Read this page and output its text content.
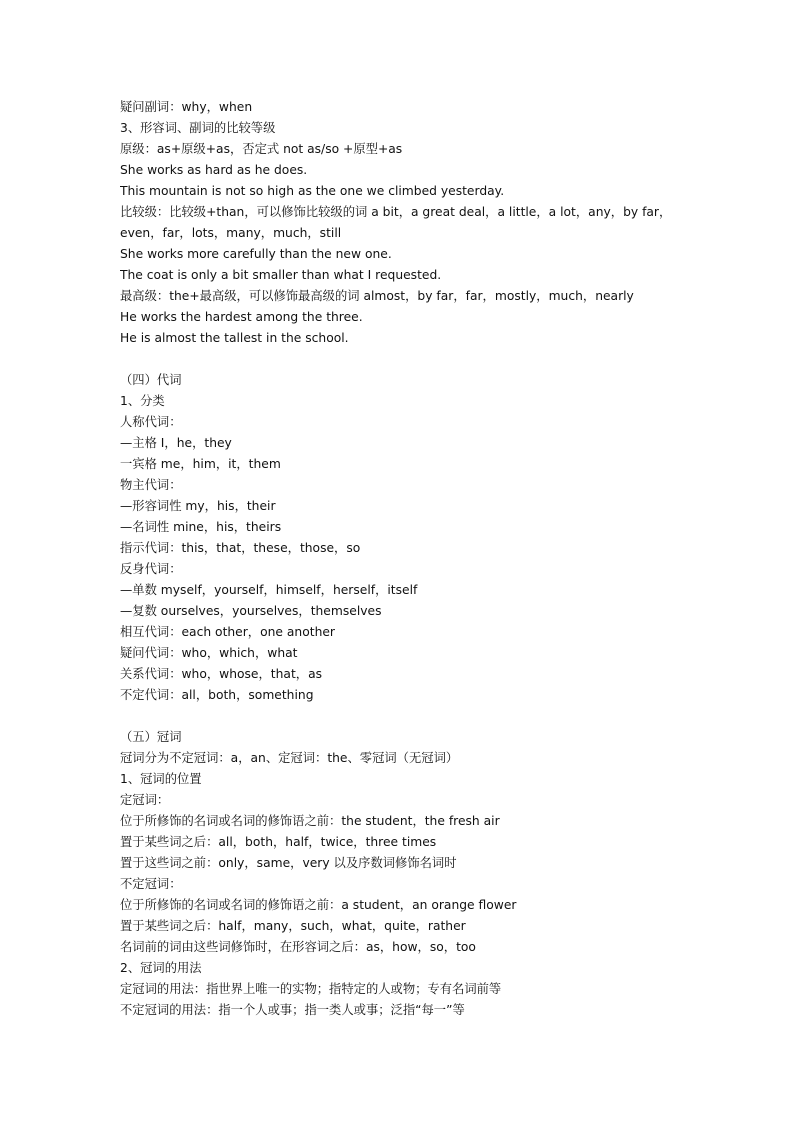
疑问副词：why，when
3、形容词、副词的比较等级
原级：as+原级+as，否定式 not as/so +原型+as
She works as hard as he does.
This mountain is not so high as the one we climbed yesterday.
比较级：比较级+than，可以修饰比较级的词 a bit，a great deal，a little，a lot，any，by far，
even，far，lots，many，much，still
She works more carefully than the new one.
The coat is only a bit smaller than what I requested.
最高级：the+最高级，可以修饰最高级的词 almost，by far，far，mostly，much，nearly
He works the hardest among the three.
He is almost the tallest in the school.
（四）代词
1、分类
人称代词：
—主格 I，he，they
一宾格 me，him，it，them
物主代词：
—形容词性 my，his，their
—名词性 mine，his，theirs
指示代词：this，that，these，those，so
反身代词：
—单数 myself，yourself，himself，herself，itself
—复数 ourselves，yourselves，themselves
相互代词：each other，one another
疑问代词：who，which，what
关系代词：who，whose，that，as
不定代词：all，both，something
（五）冠词
冠词分为不定冠词：a，an、定冠词：the、零冠词（无冠词）
1、冠词的位置
定冠词：
位于所修饰的名词或名词的修饰语之前：the student，the fresh air
置于某些词之后：all，both，half，twice，three times
置于这些词之前：only，same，very 以及序数词修饰名词时
不定冠词：
位于所修饰的名词或名词的修饰语之前：a student，an orange flower
置于某些词之后：half，many，such，what，quite，rather
名词前的词由这些词修饰时，在形容词之后：as，how，so，too
2、冠词的用法
定冠词的用法：指世界上唯一的实物；指特定的人或物；专有名词前等
不定冠词的用法：指一个人或事；指一类人或事；泛指“每一”等
